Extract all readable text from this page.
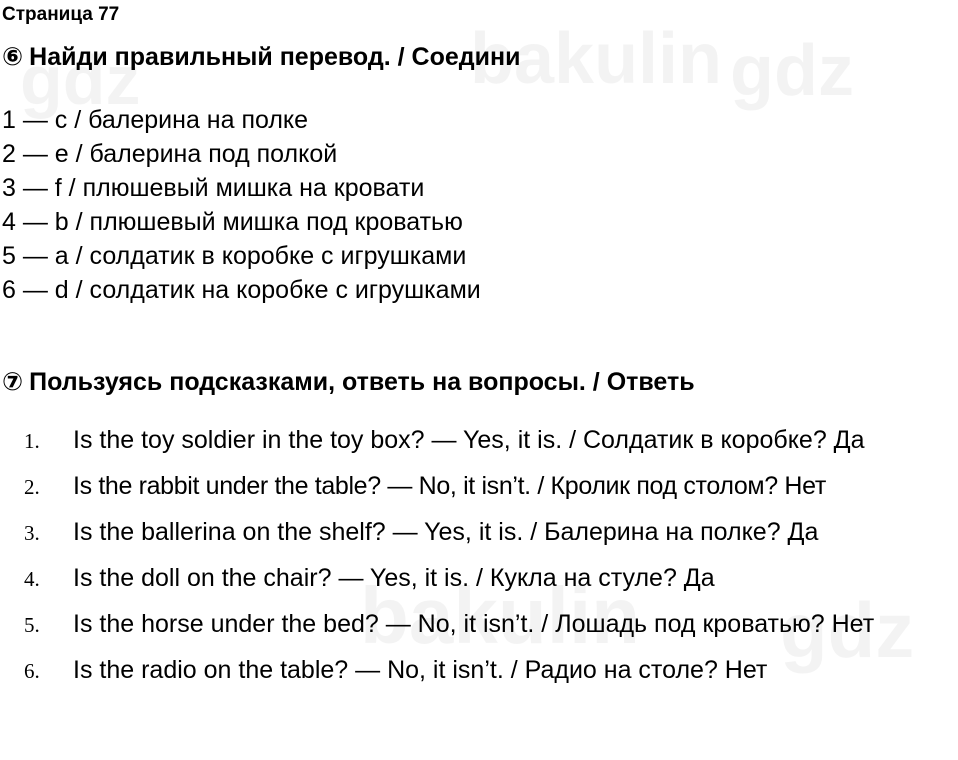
Страница 77
⑥ Найди правильный перевод. / Соедини
1 — c / балерина на полке
2 — e / балерина под полкой
3 — f / плюшевый мишка на кровати
4 — b / плюшевый мишка под кроватью
5 — a / солдатик в коробке с игрушками
6 — d / солдатик на коробке с игрушками
⑦ Пользуясь подсказками, ответь на вопросы. / Ответь
1. Is the toy soldier in the toy box? — Yes, it is. / Солдатик в коробке? Да
2. Is the rabbit under the table? — No, it isn’t. / Кролик под столом? Нет
3. Is the ballerina on the shelf? — Yes, it is. / Балерина на полке? Да
4. Is the doll on the chair? — Yes, it is. / Кукла на стуле? Да
5. Is the horse under the bed? — No, it isn’t. / Лошадь под кроватью? Нет
6. Is the radio on the table? — No, it isn’t. / Радио на столе? Нет
